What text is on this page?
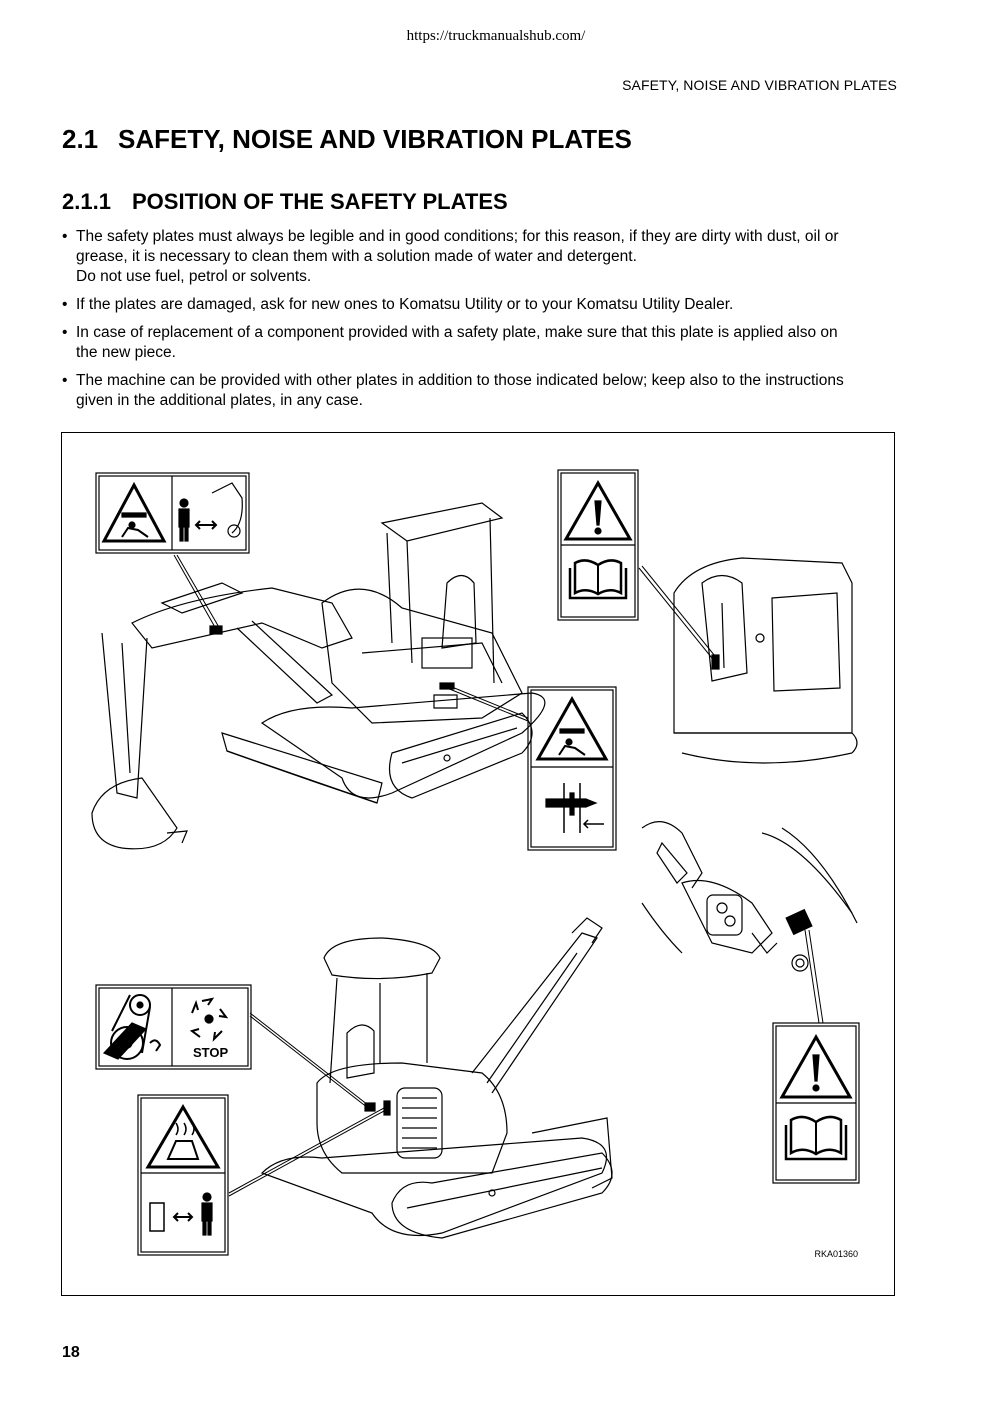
https://truckmanualshub.com/
SAFETY, NOISE AND VIBRATION PLATES
2.1 SAFETY, NOISE AND VIBRATION PLATES
2.1.1 POSITION OF THE SAFETY PLATES
• The safety plates must always be legible and in good conditions; for this reason, if they are dirty with dust, oil or
grease, it is necessary to clean them with a solution made of water and detergent.
Do not use fuel, petrol or solvents.
• If the plates are damaged, ask for new ones to Komatsu Utility or to your Komatsu Utility Dealer.
• In case of replacement of a component provided with a safety plate, make sure that this plate is applied also on
the new piece.
• The machine can be provided with other plates in addition to those indicated below; keep also to the instructions
given in the additional plates, in any case.
STOP
RKA01360
18
